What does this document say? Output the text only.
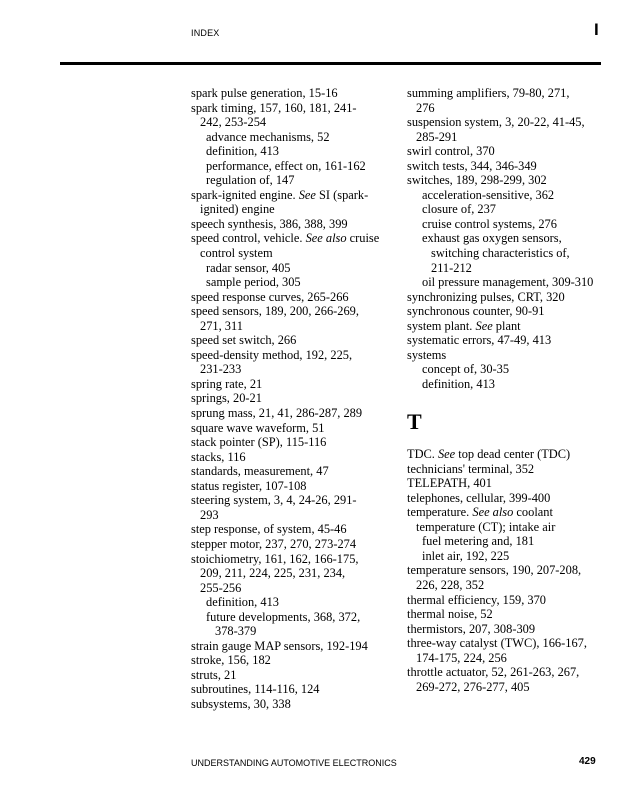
INDEX	I
spark pulse generation, 15-16
spark timing, 157, 160, 181, 241-
242, 253-254
advance mechanisms, 52
definition, 413
performance, effect on, 161-162
regulation of, 147
spark-ignited engine. See SI (spark-
ignited) engine
speech synthesis, 386, 388, 399
speed control, vehicle. See also cruise
control system
radar sensor, 405
sample period, 305
speed response curves, 265-266
speed sensors, 189, 200, 266-269,
271, 311
speed set switch, 266
speed-density method, 192, 225,
231-233
spring rate, 21
springs, 20-21
sprung mass, 21, 41, 286-287, 289
square wave waveform, 51
stack pointer (SP), 115-116
stacks, 116
standards, measurement, 47
status register, 107-108
steering system, 3, 4, 24-26, 291-
293
step response, of system, 45-46
stepper motor, 237, 270, 273-274
stoichiometry, 161, 162, 166-175,
209, 211, 224, 225, 231, 234,
255-256
definition, 413
future developments, 368, 372,
378-379
strain gauge MAP sensors, 192-194
stroke, 156, 182
struts, 21
subroutines, 114-116, 124
subsystems, 30, 338
summing amplifiers, 79-80, 271,
276
suspension system, 3, 20-22, 41-45,
285-291
swirl control, 370
switch tests, 344, 346-349
switches, 189, 298-299, 302
acceleration-sensitive, 362
closure of, 237
cruise control systems, 276
exhaust gas oxygen sensors,
switching characteristics of,
211-212
oil pressure management, 309-310
synchronizing pulses, CRT, 320
synchronous counter, 90-91
system plant. See plant
systematic errors, 47-49, 413
systems
concept of, 30-35
definition, 413
T
TDC. See top dead center (TDC)
technicians' terminal, 352
TELEPATH, 401
telephones, cellular, 399-400
temperature. See also coolant
temperature (CT); intake air
fuel metering and, 181
inlet air, 192, 225
temperature sensors, 190, 207-208,
226, 228, 352
thermal efficiency, 159, 370
thermal noise, 52
thermistors, 207, 308-309
three-way catalyst (TWC), 166-167,
174-175, 224, 256
throttle actuator, 52, 261-263, 267,
269-272, 276-277, 405
UNDERSTANDING AUTOMOTIVE ELECTRONICS	429
